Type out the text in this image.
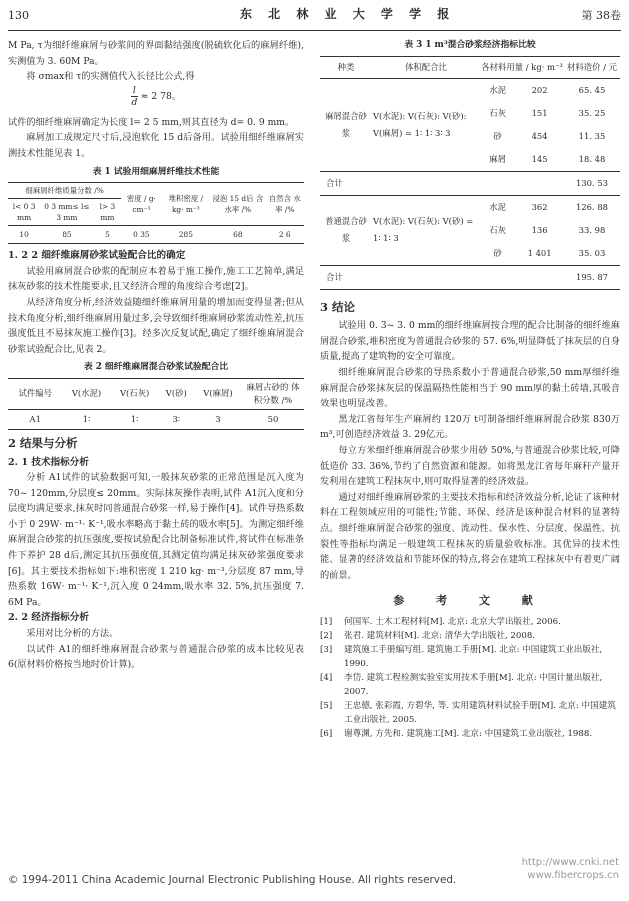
130	东 北 林 业 大 学 学 报	第 38卷

M Pa, τ为细纤维麻屑与砂浆间的界面黏结强度(脱硫软化后的麻屑纤维),实测值为 3. 60M Pa。

将 σmax和 τ的实测值代入长径比公式,得

$\frac{l}{d} \approx 2$ 78。

试件的细纤维麻屑确定为长度 l= 2 5 mm,则其直径为 d= 0. 9 mm。

麻屑加工成规定尺寸后,浸泡软化 15 d后备用。试验用细纤维麻屑实测技术性能见表 1。

表 1 试验用细麻屑纤维技术性能
细麻屑纤维质量分数 /%			密度 / g· cm⁻³	堆积密度 / kg· m⁻³	浸泡 15 d后 含水率 /%	自然含 水率 /%
l< 0 3 mm	0 3 mm≤ l≤ 3 mm	l> 3 mm				
10	85	5	0 35	285	68	2 6
1. 2 2 细纤维麻屑砂浆试验配合比的确定

试验用麻屑混合砂浆的配制应本着易于施工操作,施工工艺简单,满足抹灰砂浆的技术性能要求,且又经济合理的角度综合考虑[2]。

从经济角度分析,经济效益随细纤维麻屑用量的增加而变得显著;但从技术角度分析,细纤维麻屑用量过多,会导致细纤维麻屑砂浆流动性差,抗压强度低且不易抹灰施工操作[3]。经多次反复试配,确定了细纤维麻屑混合砂浆试验配合比,见表 2。

表 2 细纤维麻屑混合砂浆试验配合比
试件编号	V(水泥)	V(石灰)	V(砂)	V(麻屑)	麻屑占砂的 体积分数 /%
A1	1∶	1∶	3∶	3	50
2 结果与分析
2. 1 技术指标分析

分析 A1试件的试验数据可知,一般抹灰砂浆的正常范围是沉入度为 70~ 120mm,分层度≤ 20mm。实际抹灰操作表明,试件 A1沉入度和分层度均满足要求,抹灰时同普通混合砂浆一样,易于操作[4]。试件导热系数小于 0 29W· m⁻¹· K⁻¹,吸水率略高于黏土砖的吸水率[5]。为测定细纤维麻屑混合砂浆的抗压强度,要按试验配合比制备标准试件,将试件在标准条件下养护 28 d后,测定其抗压强度值,其测定值均满足抹灰砂浆强度要求[6]。其主要技术指标如下:堆积密度 1 210 kg· m⁻³,分层度 87 mm,导热系数 16W· m⁻¹· K⁻¹,沉入度 0 24mm,吸水率 32. 5%,抗压强度 7. 6M Pa。

2. 2 经济指标分析

采用对比分析的方法。

以试件 A1的细纤维麻屑混合砂浆与普通混合砂浆的成本比较见表 6(原材料价格按当地时价计算)。

表 3 1 m³混合砂浆经济指标比较
种类	体积配合比	各材料用量 / kg· m⁻³		材料造价 / 元
麻屑混合砂浆	V(水泥): V(石灰): V(砂): V(麻屑) = 1∶ 1∶ 3∶ 3	水泥	202	65. 45
		石灰	151	35. 25
		砂	454	11. 35
		麻屑	145	18. 48
合计				130. 53
普通混合砂浆	V(水泥): V(石灰): V(砂) = 1∶ 1∶ 3	水泥	362	126. 88
		石灰	136	33. 98
		砂	1 401	35. 03
合计				195. 87
3 结论

试验用 0. 3~ 3. 0 mm的细纤维麻屑按合理的配合比制备的细纤维麻屑混合砂浆,堆积密度为普通混合砂浆的 57. 6%,明显降低了抹灰层的自身质量,提高了建筑物的安全可靠度。

细纤维麻屑混合砂浆的导热系数小于普通混合砂浆,50 mm厚细纤维麻屑混合砂浆抹灰层的保温隔热性能相当于 90 mm厚的黏土砖墙,其吸音效果也明显改善。

黑龙江省每年生产麻屑约 120万 t可制备细纤维麻屑混合砂浆 830万 m³,可创造经济效益 3. 29亿元。

每立方米细纤维麻屑混合砂浆少用砂 50%,与普通混合砂浆比较,可降低造价 33. 36%,节约了自然资源和能源。如将黑龙江省每年麻秆产量开发利用在建筑工程抹灰中,则可取得显著的经济效益。

通过对细纤维麻屑砂浆的主要技术指标和经济效益分析,论证了该种材料在工程领域应用的可能性;节能、环保、经济是该种混合材料的显著特点。细纤维麻屑混合砂浆的强度、流动性、保水性、分层度、保温性、抗裂性等指标均满足一般建筑工程抹灰的质量验收标准。其优异的技术性能、显著的经济效益和节能环保的特点,将会在建筑工程抹灰中有着更广阔的前景。

参 考 文 献
[1]	何国军. 土木工程材料[M]. 北京: 北京大学出版社, 2006.
[2]	张君. 建筑材料[M]. 北京: 清华大学出版社, 2008.
[3]	建筑施工手册编写组. 建筑施工手册[M]. 北京: 中国建筑工业出版社, 1990.
[4]	李岱. 建筑工程检测实验室实用技术手册[M]. 北京: 中国计量出版社, 2007.
[5]	王忠德, 张彩霞, 方碧华, 等. 实用建筑材料试验手册[M]. 北京: 中国建筑工业出版社, 2005.
[6]	谢尊渊, 方先和. 建筑施工[M]. 北京: 中国建筑工业出版社, 1988.
http://www.cnki.net
www.fibercrops.cn
© 1994-2011 China Academic Journal Electronic Publishing House. All rights reserved.
